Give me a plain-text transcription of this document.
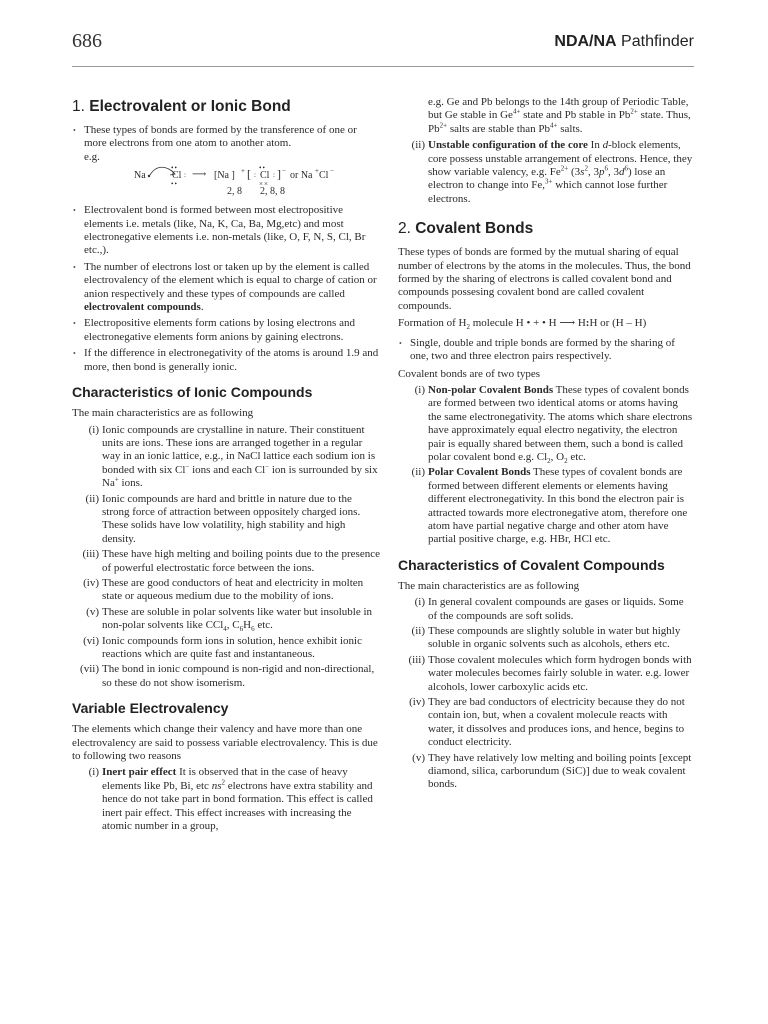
686	NDA/NA Pathfinder
1. Electrovalent or Ionic Bond
• These types of bonds are formed by the transference of one or more electrons from one atom to another atom.
e.g.
Na	Cl
••
••
: ⟶ [Na ] + [ : Cl
••
××
: ] − or Na + Cl −
2, 8 2, 8, 8
• Electrovalent bond is formed between most electropositive elements i.e. metals (like, Na, K, Ca, Ba, Mg,etc) and most electronegative elements i.e. non-metals (like, O, F, N, S, Cl, Br etc.,).
• The number of electrons lost or taken up by the element is called electrovalency of the element which is equal to charge of cation or anion respectively and these types of compounds are called electrovalent compounds.
• Electropositive elements form cations by losing electrons and electronegative elements form anions by gaining electrons.
• If the difference in electronegativity of the atoms is around 1.9 and more, then bond is generally ionic.
Characteristics of Ionic Compounds

The main characteristics are as following

(i) Ionic compounds are crystalline in nature. Their constituent units are ions. These ions are arranged together in a regular way in an ionic lattice, e.g., in NaCl lattice each sodium ion is bonded with six Cl− ions and each Cl− ion is surrounded by six Na+ ions.
(ii) Ionic compounds are hard and brittle in nature due to the strong force of attraction between oppositely charged ions. These solids have low volatility, high stability and high density.
(iii) These have high melting and boiling points due to the presence of powerful electrostatic force between the ions.
(iv) These are good conductors of heat and electricity in molten state or aqueous medium due to the mobility of ions.
(v) These are soluble in polar solvents like water but insoluble in non-polar solvents like CCl$_4$, $C_6H_6$ etc.
(vi) Ionic compounds form ions in solution, hence exhibit ionic reactions which are quite fast and instantaneous.
(vii) The bond in ionic compound is non-rigid and non-directional, so these do not show isomerism.
Variable Electrovalency

The elements which change their valency and have more than one electrovalency are said to possess variable electrovalency. This is due to following two reasons

(i) Inert pair effect It is observed that in the case of heavy elements like Pb, Bi, etc $ns^2$ electrons have extra stability and hence do not take part in bond formation. This effect is called inert pair effect. This effect increases with increasing the atomic number in a group,

e.g. Ge and Pb belongs to the 14th group of Periodic Table, but Ge stable in $Ge^{4+}$ state and Pb stable in $Pb^{2+}$ state. Thus, $Pb^{2+}$ salts are stable than $Pb^{4+}$ salts.

(ii) Unstable configuration of the core In d-block elements, core possess unstable arrangement of electrons. Hence, they show variable valency, e.g. $Fe^{2+}$ ($3s^2$, $3p^6$, $3d^6$) lose an electron to change into Fe,$^{3+}$ which cannot lose further electrons.
2. Covalent Bonds

These types of bonds are formed by the mutual sharing of equal number of electrons by the atoms in the molecules. Thus, the bond formed by the sharing of electrons is called covalent bond and compounds possesing covalent bond are called covalent compounds.

Formation of $H_2$ molecule H • + • H ⟶ H:H or (H – H)

• Single, double and triple bonds are formed by the sharing of one, two and three electron pairs respectively.

Covalent bonds are of two types

(i) Non-polar Covalent Bonds These types of covalent bonds are formed between two identical atoms or atoms having the same electronegativity. The atoms which share electrons have approximately equal electro negativity, the electron pair is equally shared between them, such a bond is called polar covalent bond e.g. $Cl_2$, $O_2$ etc.
(ii) Polar Covalent Bonds These types of covalent bonds are formed between different elements or elements having different electronegativity. In this bond the electron pair is attracted towards more electronegative atom, therefore one atom have partial negative charge and other atom have partial positive charge, e.g. HBr, HCl etc.
Characteristics of Covalent Compounds

The main characteristics are as following

(i) In general covalent compounds are gases or liquids. Some of the compounds are soft solids.
(ii) These compounds are slightly soluble in water but highly soluble in organic solvents such as alcohols, ethers etc.
(iii) Those covalent molecules which form hydrogen bonds with water molecules becomes fairly soluble in water. e.g. lower alcohols, lower carboxylic acids etc.
(iv) They are bad conductors of electricity because they do not contain ion, but, when a covalent molecule reacts with water, it dissolves and produces ions, and hence, begins to conduct electricity.
(v) They have relatively low melting and boiling points [except diamond, silica, carborundum (SiC)] due to weak covalent bonds.
